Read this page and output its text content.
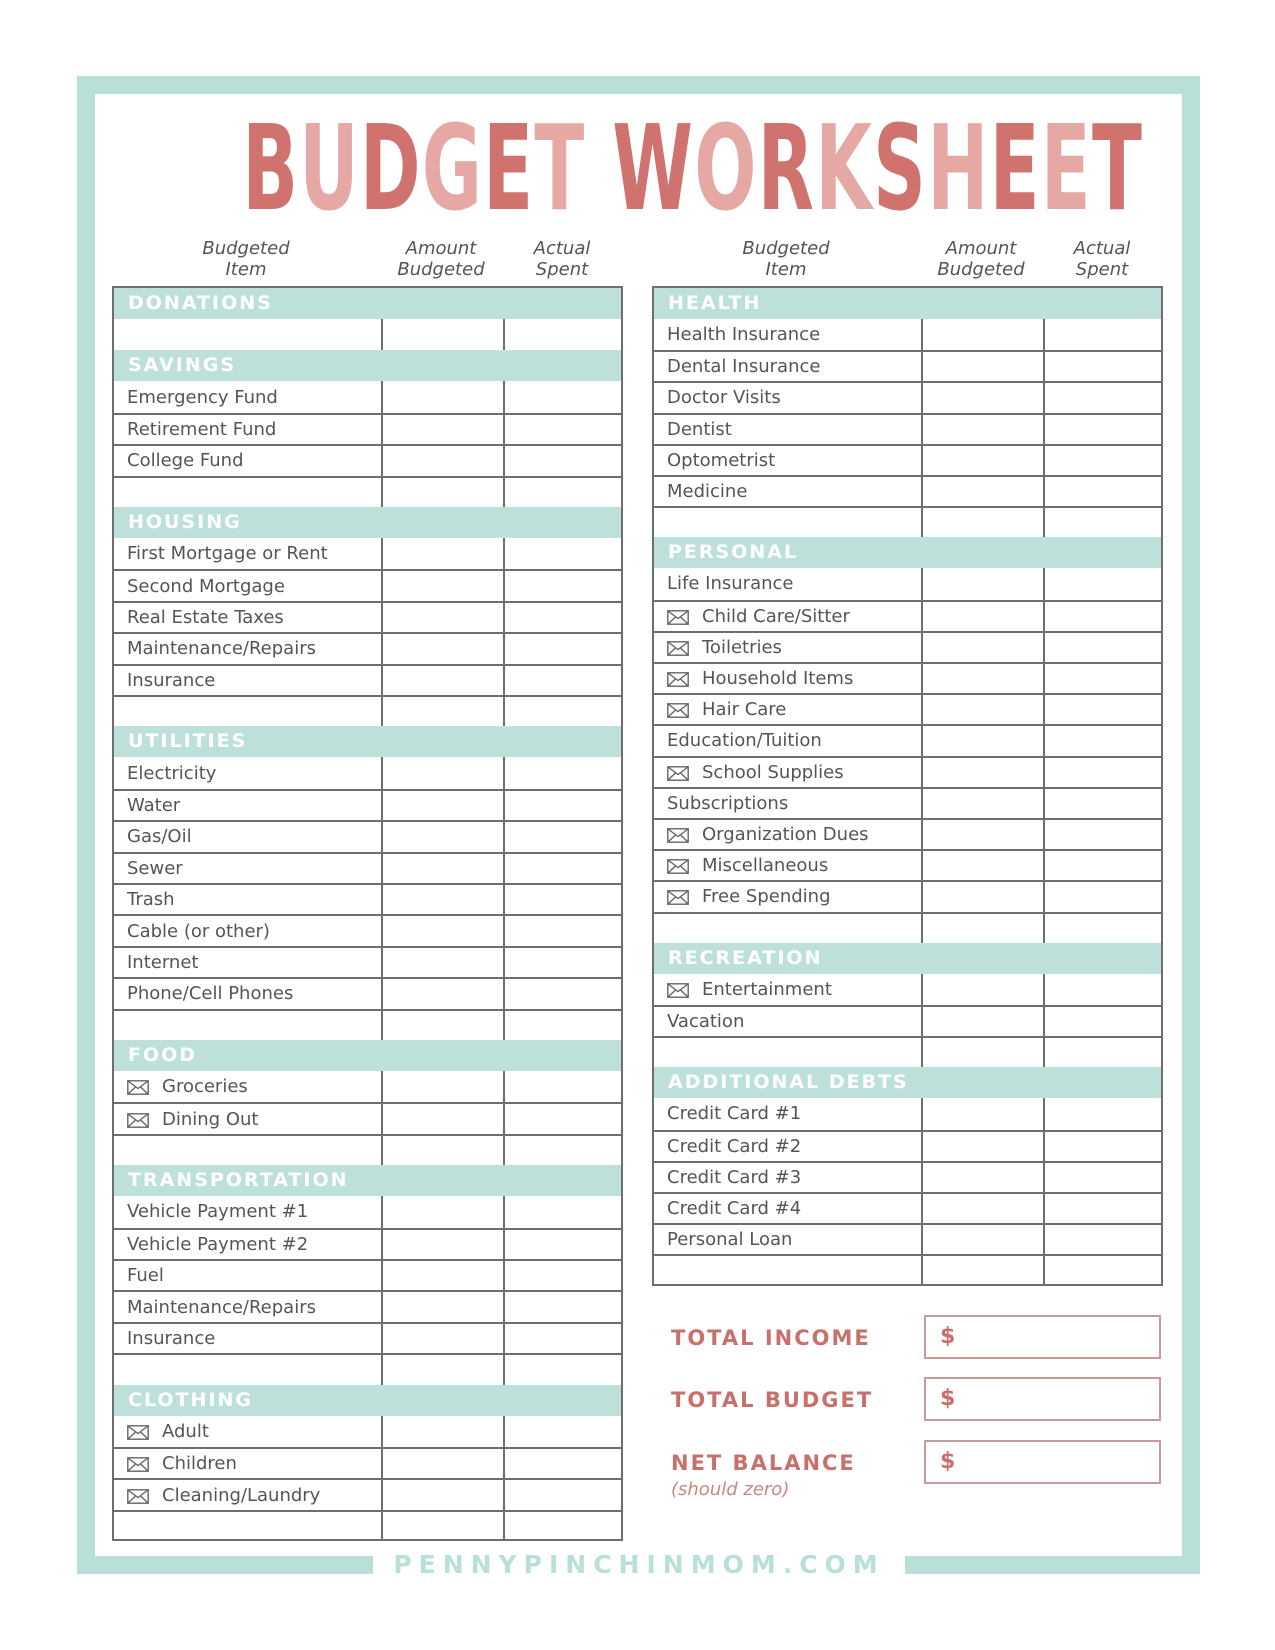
PENNYPINCHINMOM.COM
BUDGET WORKSHEET
Budgeted
Item
Amount
Budgeted
Actual
Spent
Budgeted
Item
Amount
Budgeted
Actual
Spent
DONATIONS
SAVINGS
Emergency Fund
Retirement Fund
College Fund
HOUSING
First Mortgage or Rent
Second Mortgage
Real Estate Taxes
Maintenance/Repairs
Insurance
UTILITIES
Electricity
Water
Gas/Oil
Sewer
Trash
Cable (or other)
Internet
Phone/Cell Phones
FOOD
Groceries
Dining Out
TRANSPORTATION
Vehicle Payment #1
Vehicle Payment #2
Fuel
Maintenance/Repairs
Insurance
CLOTHING
Adult
Children
Cleaning/Laundry
HEALTH
Health Insurance
Dental Insurance
Doctor Visits
Dentist
Optometrist
Medicine
PERSONAL
Life Insurance
Child Care/Sitter
Toiletries
Household Items
Hair Care
Education/Tuition
School Supplies
Subscriptions
Organization Dues
Miscellaneous
Free Spending
RECREATION
Entertainment
Vacation
ADDITIONAL DEBTS
Credit Card #1
Credit Card #2
Credit Card #3
Credit Card #4
Personal Loan
TOTAL INCOME	$
TOTAL BUDGET	$
NET BALANCE
(should zero)
$
